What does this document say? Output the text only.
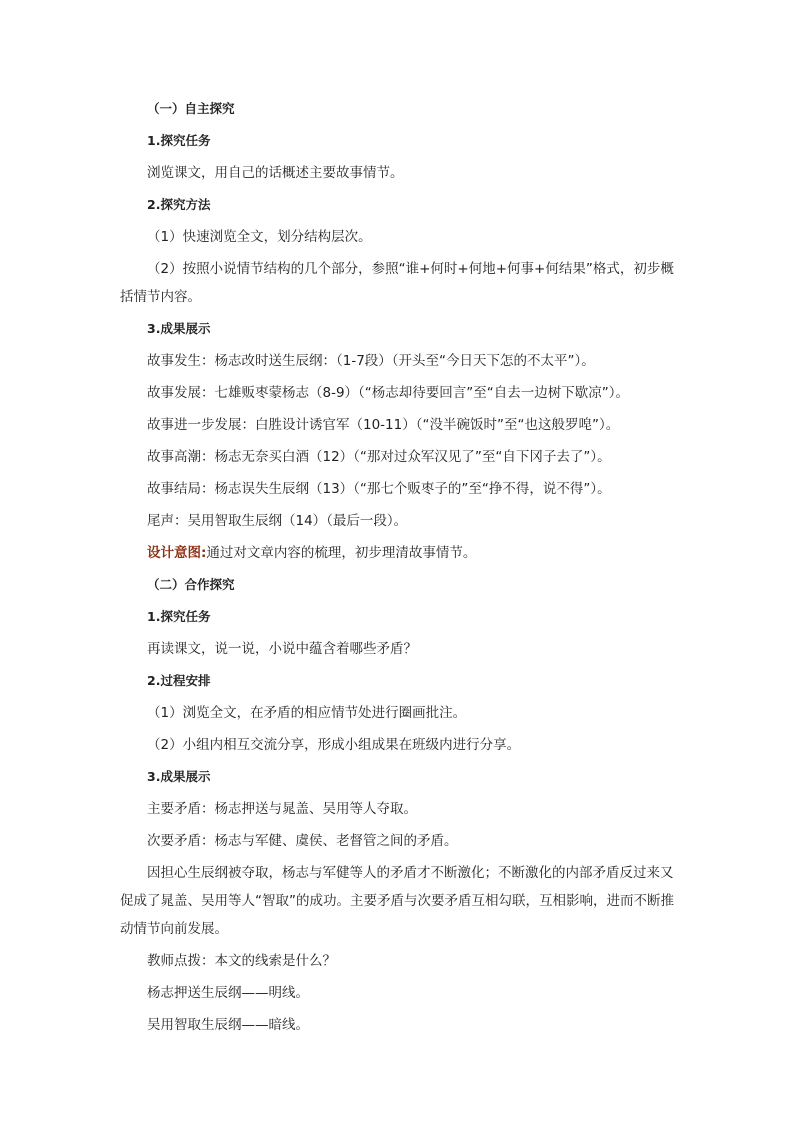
（一）自主探究
1.探究任务
浏览课文，用自己的话概述主要故事情节。
2.探究方法
（1）快速浏览全文，划分结构层次。
（2）按照小说情节结构的几个部分，参照“谁+何时+何地+何事+何结果”格式，初步概括情节内容。
3.成果展示
故事发生：杨志改时送生辰纲：（1-7段）（开头至“今日天下怎的不太平”）。
故事发展：七雄贩枣蒙杨志（8-9）（“杨志却待要回言”至“自去一边树下歇凉”）。
故事进一步发展：白胜设计诱官军（10-11）（“没半碗饭时”至“也这般罗唣”）。
故事高潮：杨志无奈买白酒（12）（“那对过众军汉见了”至“自下冈子去了”）。
故事结局：杨志误失生辰纲（13）（“那七个贩枣子的”至“挣不得，说不得”）。
尾声：吴用智取生辰纲（14）（最后一段）。
设计意图:通过对文章内容的梳理，初步理清故事情节。
（二）合作探究
1.探究任务
再读课文，说一说，小说中蕴含着哪些矛盾？
2.过程安排
（1）浏览全文，在矛盾的相应情节处进行圈画批注。
（2）小组内相互交流分享，形成小组成果在班级内进行分享。
3.成果展示
主要矛盾：杨志押送与晁盖、吴用等人夺取。
次要矛盾：杨志与军健、虞侯、老督管之间的矛盾。
因担心生辰纲被夺取，杨志与军健等人的矛盾才不断激化；不断激化的内部矛盾反过来又促成了晁盖、吴用等人“智取”的成功。主要矛盾与次要矛盾互相勾联，互相影响，进而不断推动情节向前发展。
教师点拨：本文的线索是什么？
杨志押送生辰纲——明线。
吴用智取生辰纲——暗线。
